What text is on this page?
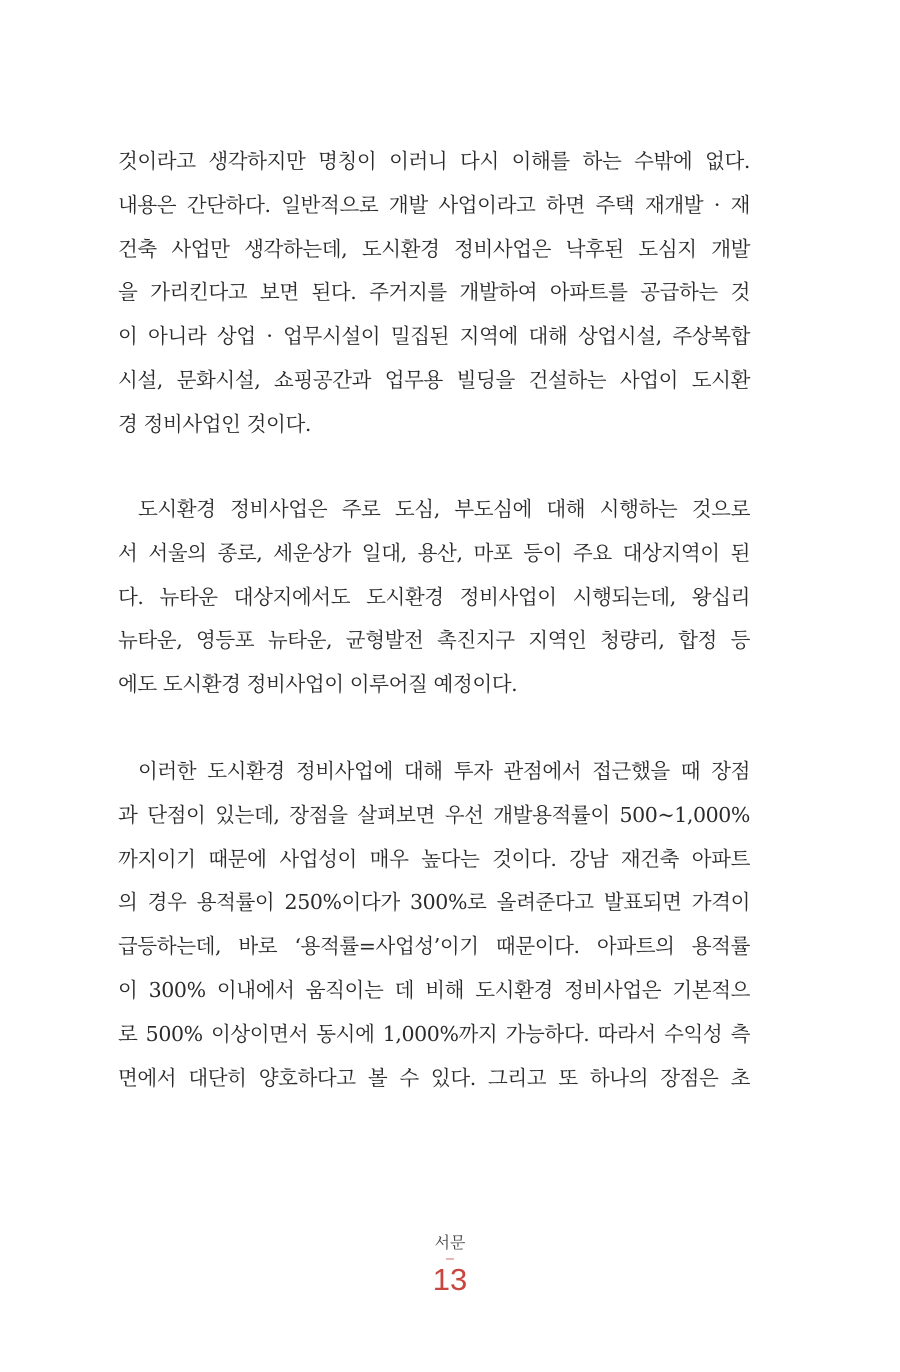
것이라고 생각하지만 명칭이 이러니 다시 이해를 하는 수밖에 없다.
내용은 간단하다. 일반적으로 개발 사업이라고 하면 주택 재개발 · 재
건축 사업만 생각하는데, 도시환경 정비사업은 낙후된 도심지 개발
을 가리킨다고 보면 된다. 주거지를 개발하여 아파트를 공급하는 것
이 아니라 상업 · 업무시설이 밀집된 지역에 대해 상업시설, 주상복합
시설, 문화시설, 쇼핑공간과 업무용 빌딩을 건설하는 사업이 도시환
경 정비사업인 것이다.
도시환경 정비사업은 주로 도심, 부도심에 대해 시행하는 것으로
서 서울의 종로, 세운상가 일대, 용산, 마포 등이 주요 대상지역이 된
다. 뉴타운 대상지에서도 도시환경 정비사업이 시행되는데, 왕십리
뉴타운, 영등포 뉴타운, 균형발전 촉진지구 지역인 청량리, 합정 등
에도 도시환경 정비사업이 이루어질 예정이다.
이러한 도시환경 정비사업에 대해 투자 관점에서 접근했을 때 장점
과 단점이 있는데, 장점을 살펴보면 우선 개발용적률이 500~1,000%
까지이기 때문에 사업성이 매우 높다는 것이다. 강남 재건축 아파트
의 경우 용적률이 250%이다가 300%로 올려준다고 발표되면 가격이
급등하는데, 바로 ‘용적률=사업성’이기 때문이다. 아파트의 용적률
이 300% 이내에서 움직이는 데 비해 도시환경 정비사업은 기본적으
로 500% 이상이면서 동시에 1,000%까지 가능하다. 따라서 수익성 측
면에서 대단히 양호하다고 볼 수 있다. 그리고 또 하나의 장점은 초
서문
13
